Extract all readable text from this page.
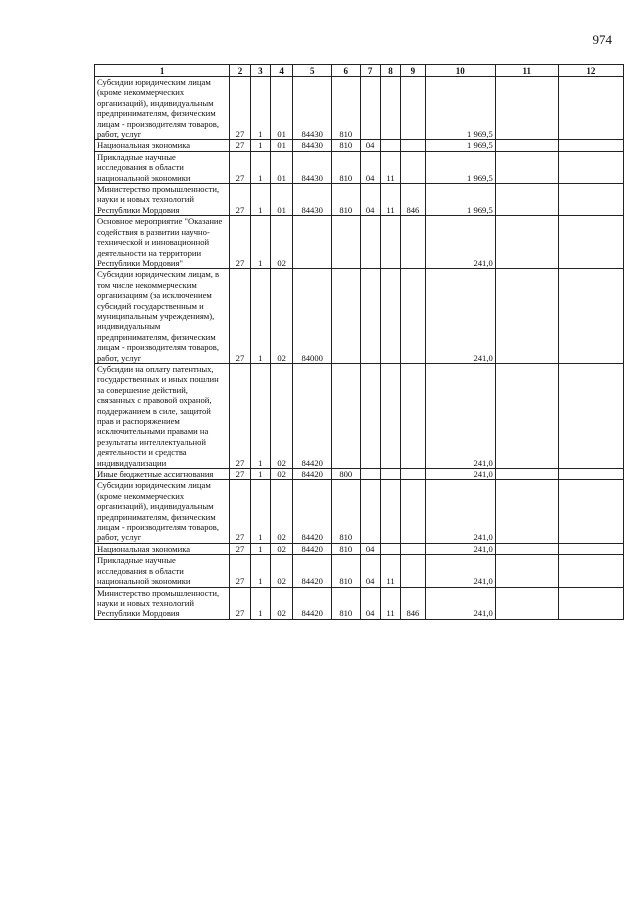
974
1	2	3	4	5	6	7	8	9	10	11	12
Субсидии юридическим лицам (кроме некоммерческих организаций), индивидуальным предпринимателям, физическим лицам - производителям товаров, работ, услуг	27	1	01	84430	810				1 969,5		
Национальная экономика	27	1	01	84430	810	04			1 969,5		
Прикладные научные исследования в области национальной экономики	27	1	01	84430	810	04	11		1 969,5		
Министерство промышленности, науки и новых технологий Республики Мордовия	27	1	01	84430	810	04	11	846	1 969,5		
Основное мероприятие "Оказание содействия в развитии научно-технической и инновационной деятельности на территории Республики Мордовия"	27	1	02						241,0		
Субсидии юридическим лицам, в том числе некоммерческим организациям (за исключением субсидий государственным и муниципальным учреждениям), индивидуальным предпринимателям, физическим лицам - производителям товаров, работ, услуг	27	1	02	84000					241,0		
Субсидии на оплату патентных, государственных и иных пошлин за совершение действий, связанных с правовой охраной, поддержанием в силе, защитой прав и распоряжением исключительными правами на результаты интеллектуальной деятельности и средства индивидуализации	27	1	02	84420					241,0		
Иные бюджетные ассигнования	27	1	02	84420	800				241,0		
Субсидии юридическим лицам (кроме некоммерческих организаций), индивидуальным предпринимателям, физическим лицам - производителям товаров, работ, услуг	27	1	02	84420	810				241,0		
Национальная экономика	27	1	02	84420	810	04			241,0		
Прикладные научные исследования в области национальной экономики	27	1	02	84420	810	04	11		241,0		
Министерство промышленности, науки и новых технологий Республики Мордовия	27	1	02	84420	810	04	11	846	241,0		
